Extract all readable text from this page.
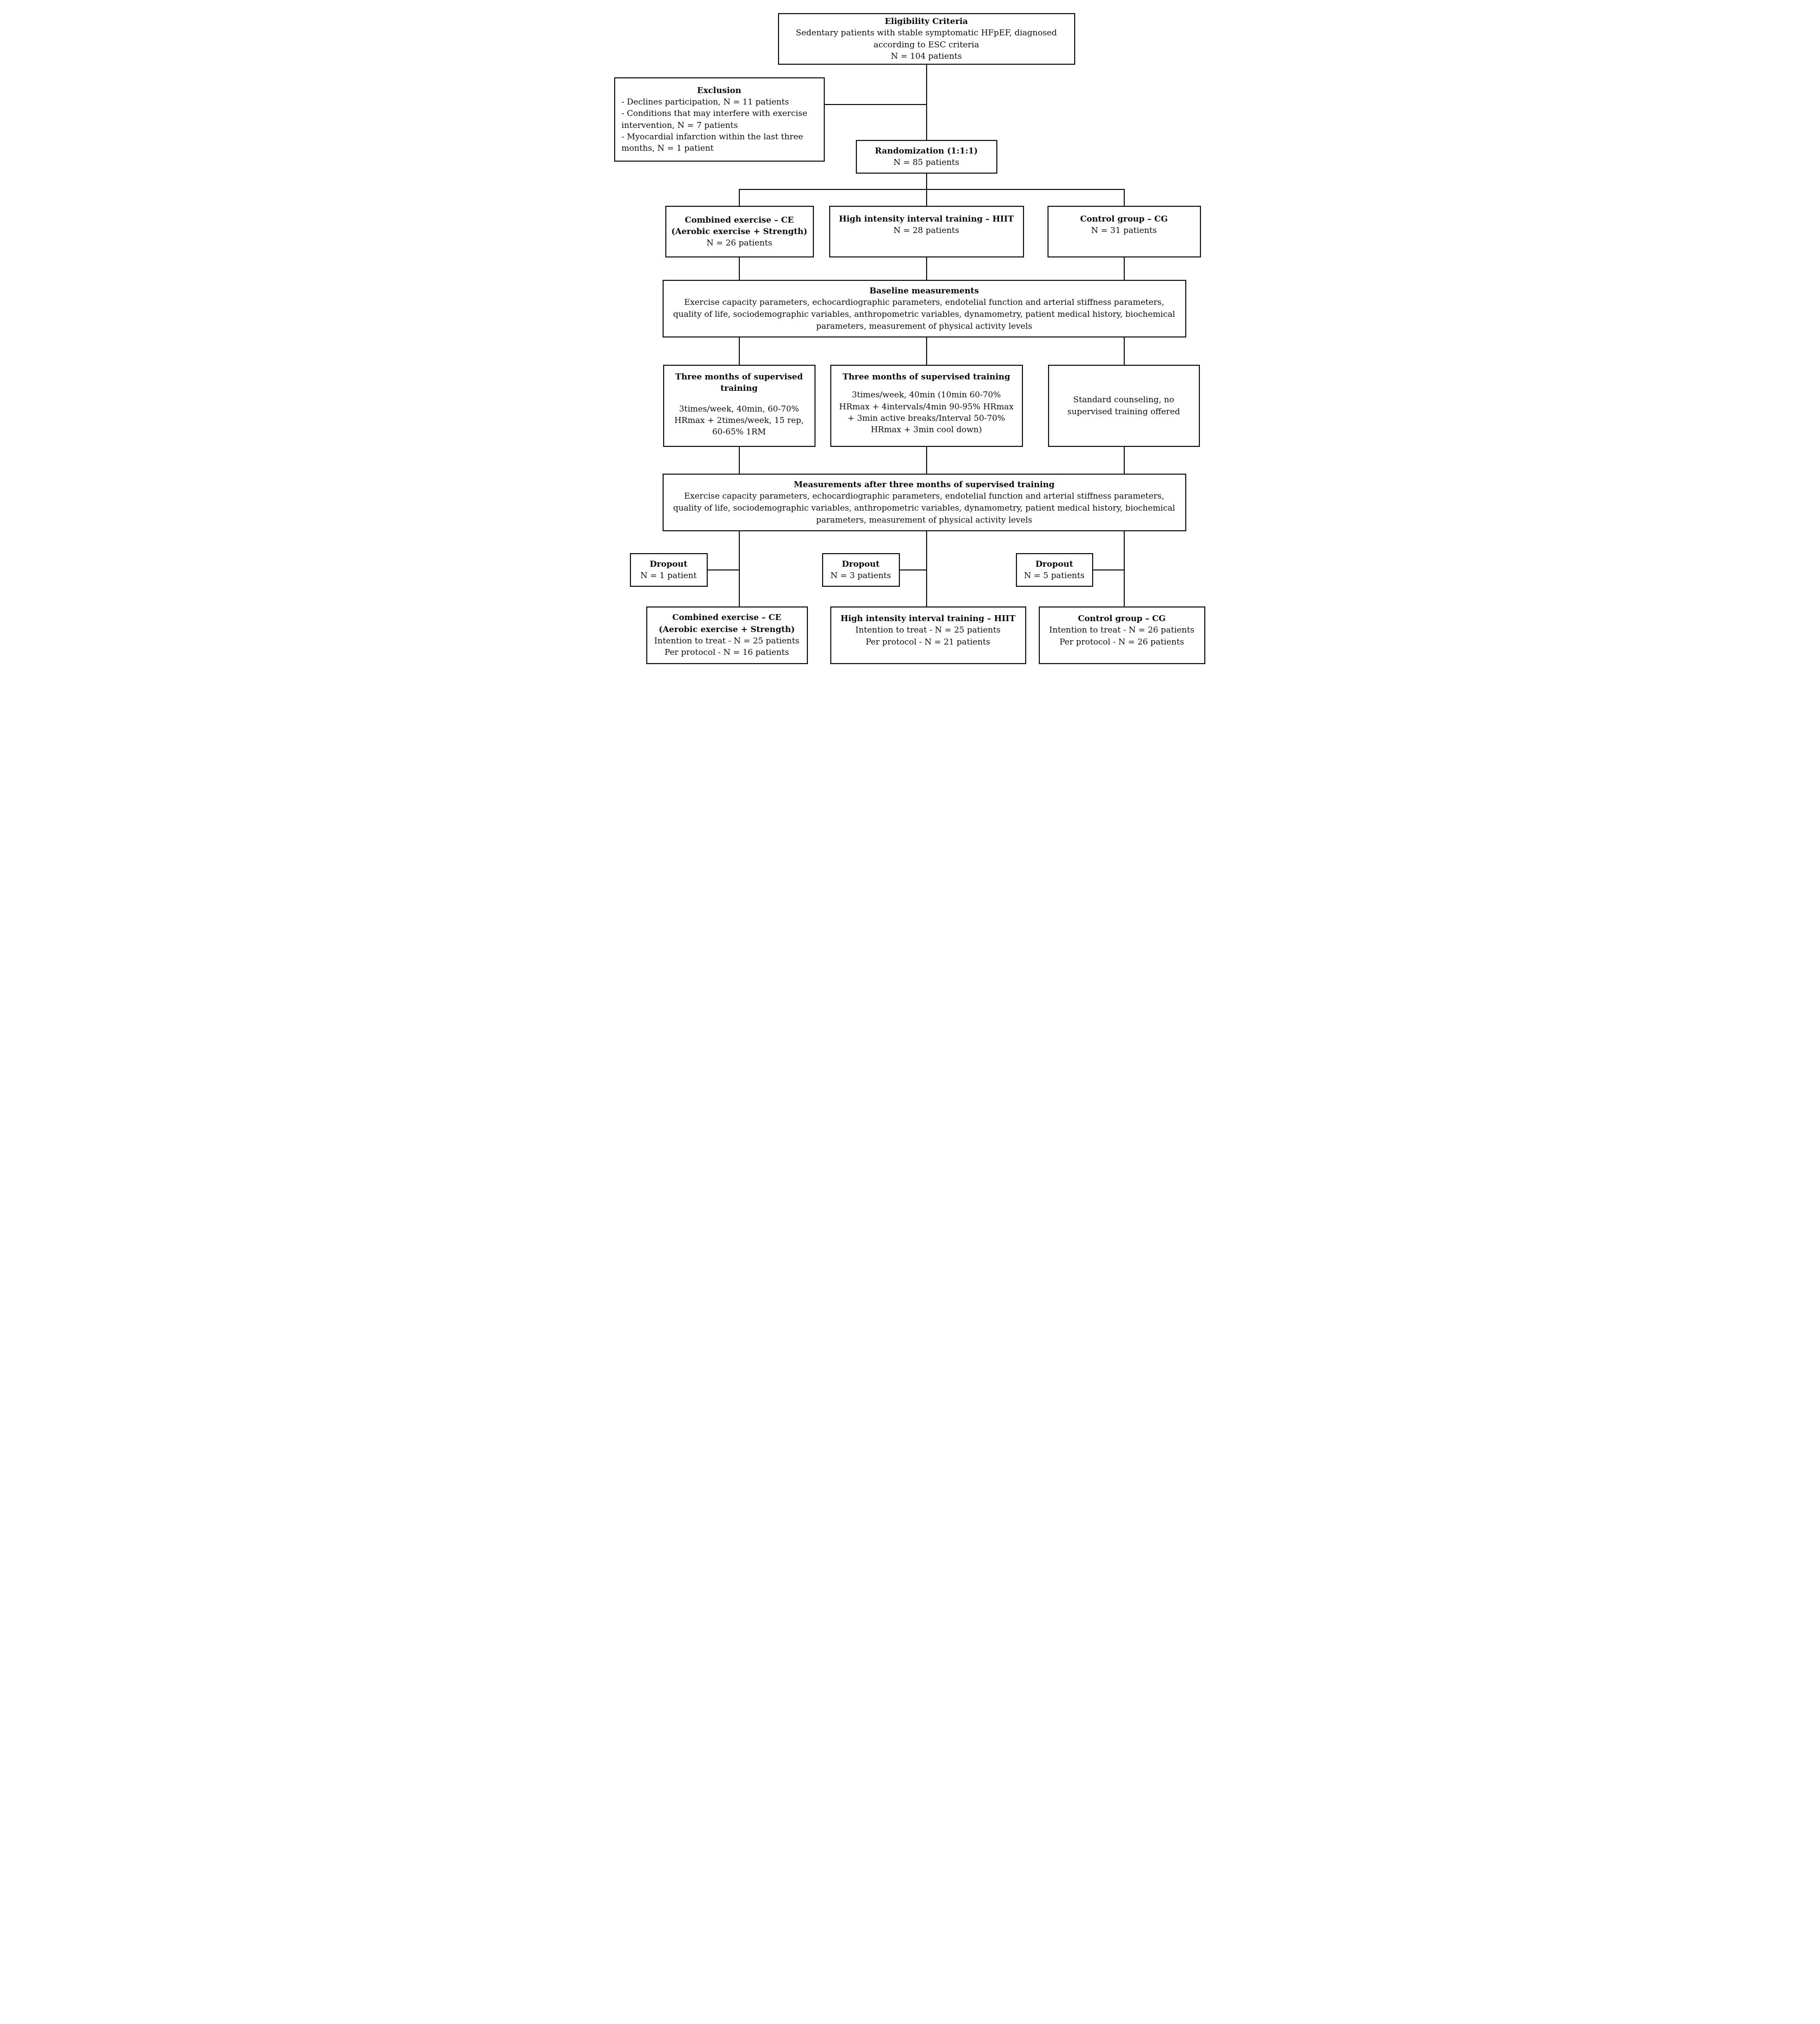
Eligibility Criteria
Sedentary patients with stable symptomatic HFpEF, diagnosed according to ESC criteria
N = 104 patients
Exclusion
- Declines participation, N = 11 patients
- Conditions that may interfere with exercise intervention, N = 7 patients
- Myocardial infarction within the last three months, N = 1 patient	Randomization (1:1:1)
N = 85 patients
Combined exercise – CE
(Aerobic exercise + Strength)
N = 26 patients
High intensity interval training – HIIT
N = 28 patients
Control group – CG
N = 31 patients
Baseline measurements
Exercise capacity parameters, echocardiographic parameters, endotelial function and arterial stiffness parameters, quality of life, sociodemographic variables, anthropometric variables, dynamometry, patient medical history, biochemical parameters, measurement of physical activity levels
Three months of supervised training
3times/week, 40min, 60-70% HRmax + 2times/week, 15 rep, 60-65% 1RM
Three months of supervised training
3times/week, 40min (10min 60-70% HRmax + 4intervals/4min 90-95% HRmax + 3min active breaks/Interval 50-70% HRmax + 3min cool down)
Standard counseling, no supervised training offered
Measurements after three months of supervised training
Exercise capacity parameters, echocardiographic parameters, endotelial function and arterial stiffness parameters, quality of life, sociodemographic variables, anthropometric variables, dynamometry, patient medical history, biochemical parameters, measurement of physical activity levels
Dropout
N = 1 patient
Dropout
N = 3 patients
Dropout
N = 5 patients
Combined exercise – CE
(Aerobic exercise + Strength)
Intention to treat - N = 25 patients
Per protocol - N = 16 patients
High intensity interval training – HIIT
Intention to treat - N = 25 patients
Per protocol - N = 21 patients
Control group – CG
Intention to treat - N = 26 patients
Per protocol - N = 26 patients
